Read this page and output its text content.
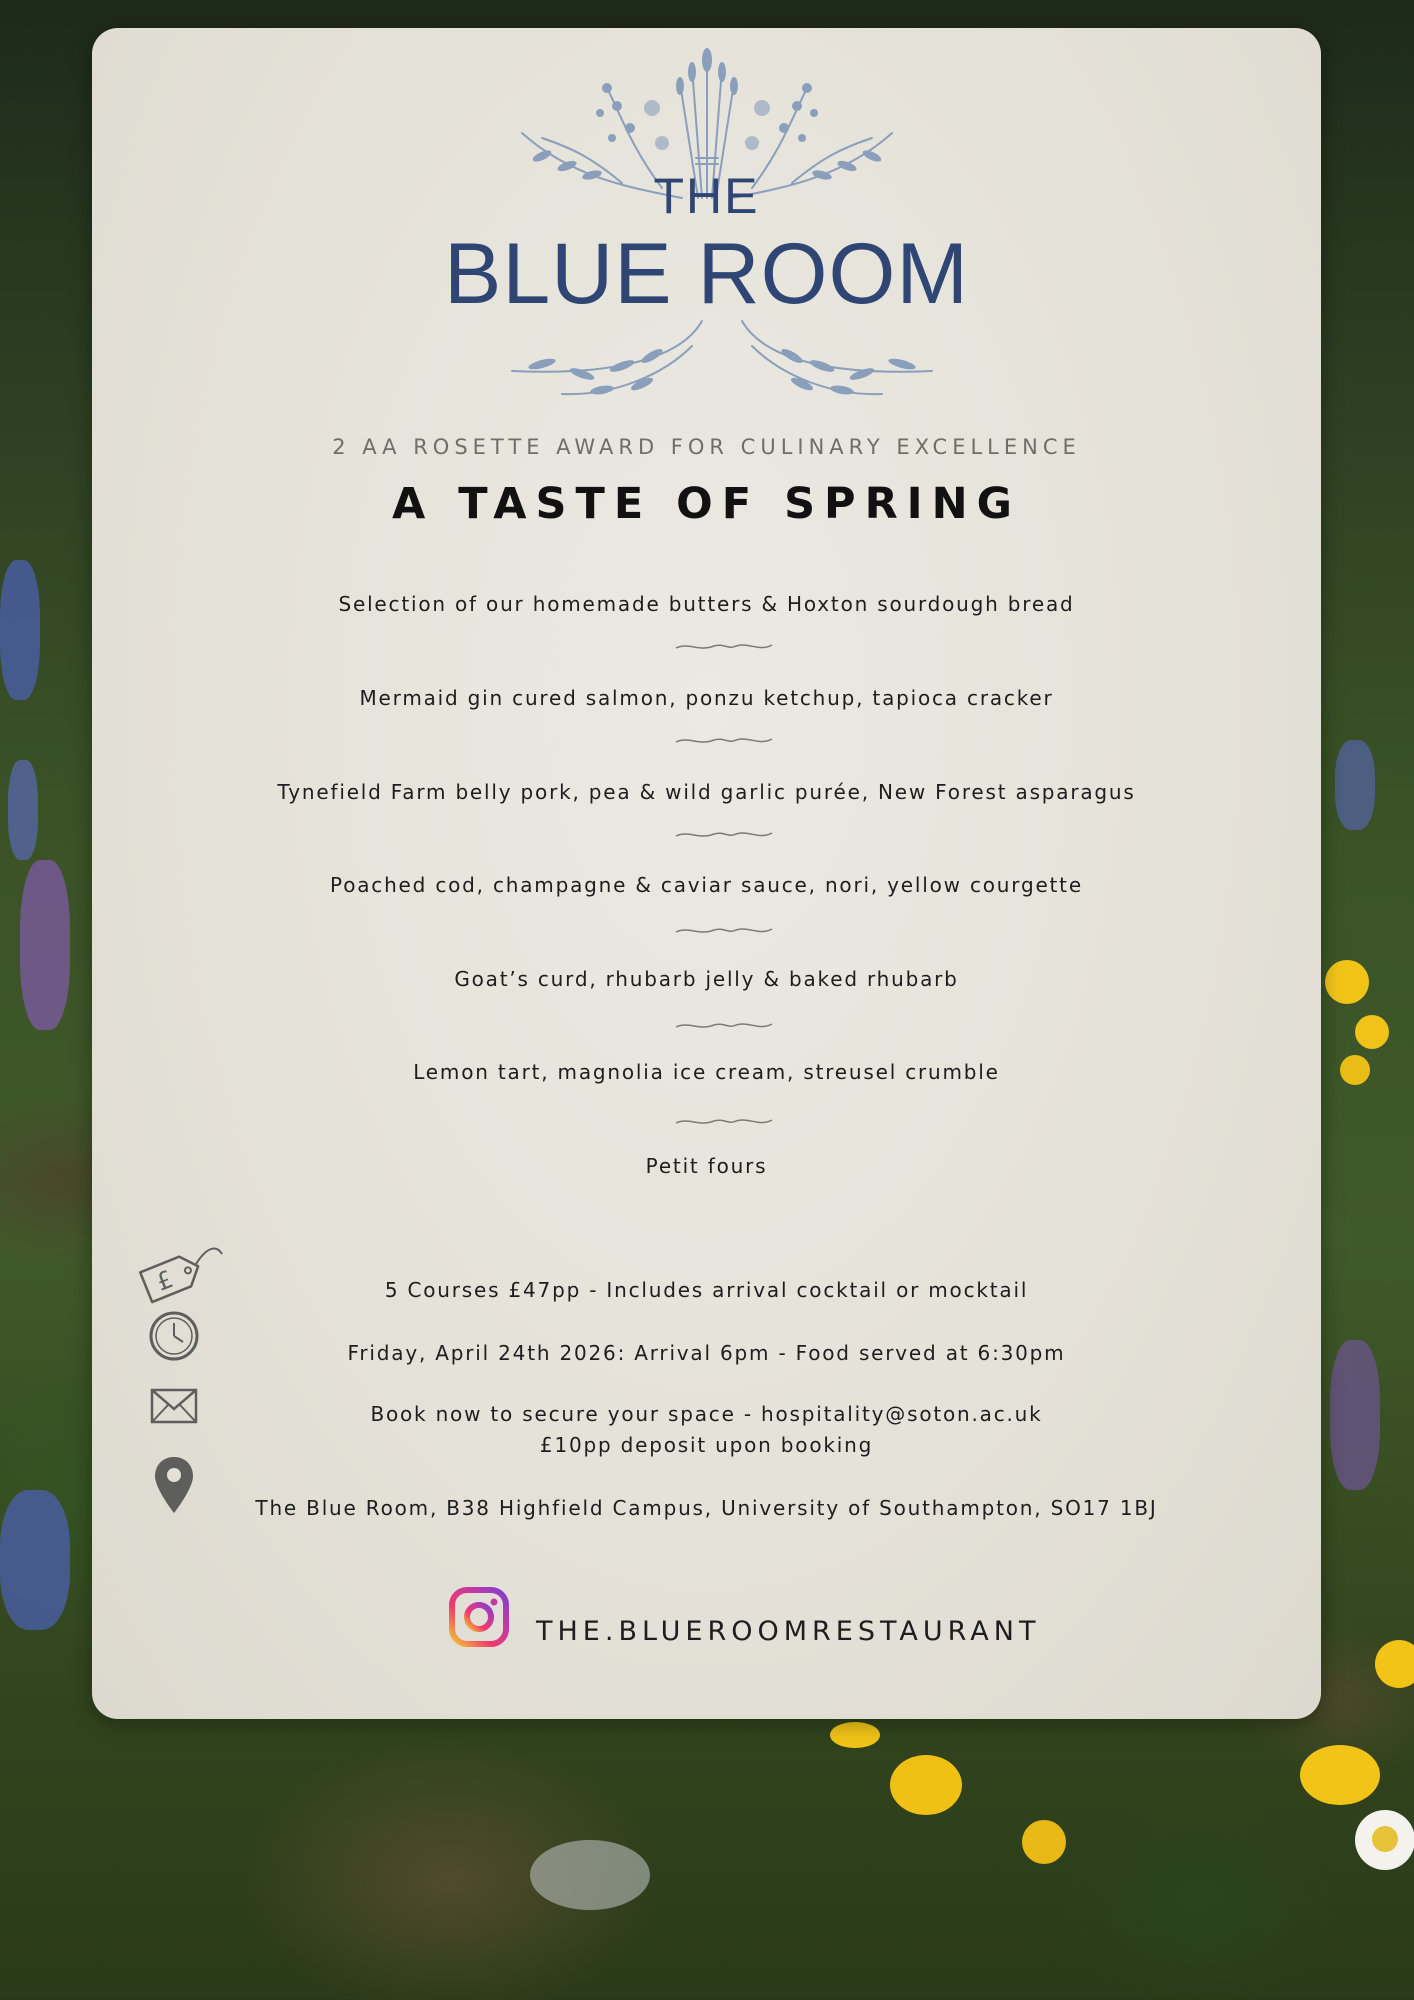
THE
BLUE ROOM
2 AA ROSETTE AWARD FOR CULINARY EXCELLENCE
A TASTE OF SPRING
Selection of our homemade butters & Hoxton sourdough bread
Mermaid gin cured salmon, ponzu ketchup, tapioca cracker
Tynefield Farm belly pork, pea & wild garlic purée, New Forest asparagus
Poached cod, champagne & caviar sauce, nori, yellow courgette
Goat’s curd, rhubarb jelly & baked rhubarb
Lemon tart, magnolia ice cream, streusel crumble
Petit fours
£	5 Courses £47pp - Includes arrival cocktail or mocktail
Friday, April 24th 2026: Arrival 6pm - Food served at 6:30pm
Book now to secure your space - hospitality@soton.ac.uk
£10pp deposit upon booking
The Blue Room, B38 Highfield Campus, University of Southampton, SO17 1BJ
THE.BLUEROOMRESTAURANT
